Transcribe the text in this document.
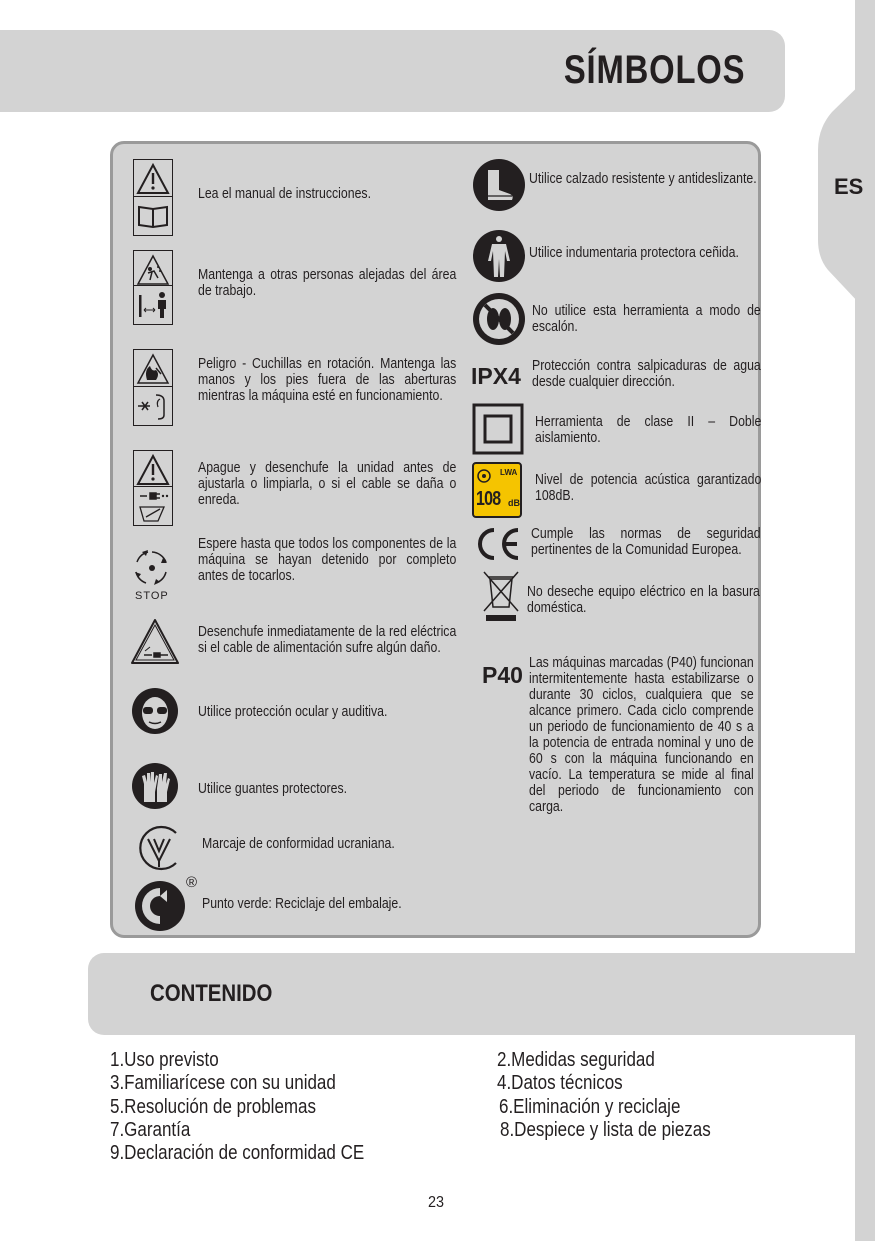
ES
SÍMBOLOS
STOP
®
Lea el manual de instrucciones.
Mantenga a otras personas alejadas del área de trabajo.
Peligro - Cuchillas en rotación. Mantenga las manos y los pies fuera de las aberturas mientras la máquina esté en funcionamiento.
Apague y desenchufe la unidad antes de ajustarla o limpiarla, o si el cable se daña o enreda.
Espere hasta que todos los componentes de la máquina se hayan detenido por completo antes de tocarlos.
Desenchufe inmediatamente de la red eléctrica si el cable de alimentación sufre algún daño.
Utilice protección ocular y auditiva.
Utilice guantes protectores.
Marcaje de conformidad ucraniana.
Punto verde: Reciclaje del embalaje.
IPX4
LWA
108 dB
P40
Utilice calzado resistente y antideslizante.
Utilice indumentaria protectora ceñida.
No utilice esta herramienta a modo de escalón.
Protección contra salpicaduras de agua desde cualquier dirección.
Herramienta de clase II – Doble aislamiento.
Nivel de potencia acústica garantizado 108dB.
Cumple las normas de seguridad pertinentes de la Comunidad Europea.
No deseche equipo eléctrico en la basura doméstica.
Las máquinas marcadas (P40) funcionan intermitentemente hasta estabilizarse o durante 30 ciclos, cualquiera que se alcance primero. Cada ciclo comprende un periodo de funcionamiento de 40 s a la potencia de entrada nominal y uno de 60 s con la máquina funcionando en vacío. La temperatura se mide al final del periodo de funcionamiento con carga.
CONTENIDO
1.Uso previsto	2.Medidas seguridad
3.Familiarícese con su unidad	4.Datos técnicos
5.Resolución de problemas	6.Eliminación y reciclaje
7.Garantía	8.Despiece y lista de piezas
9.Declaración de conformidad CE
23
